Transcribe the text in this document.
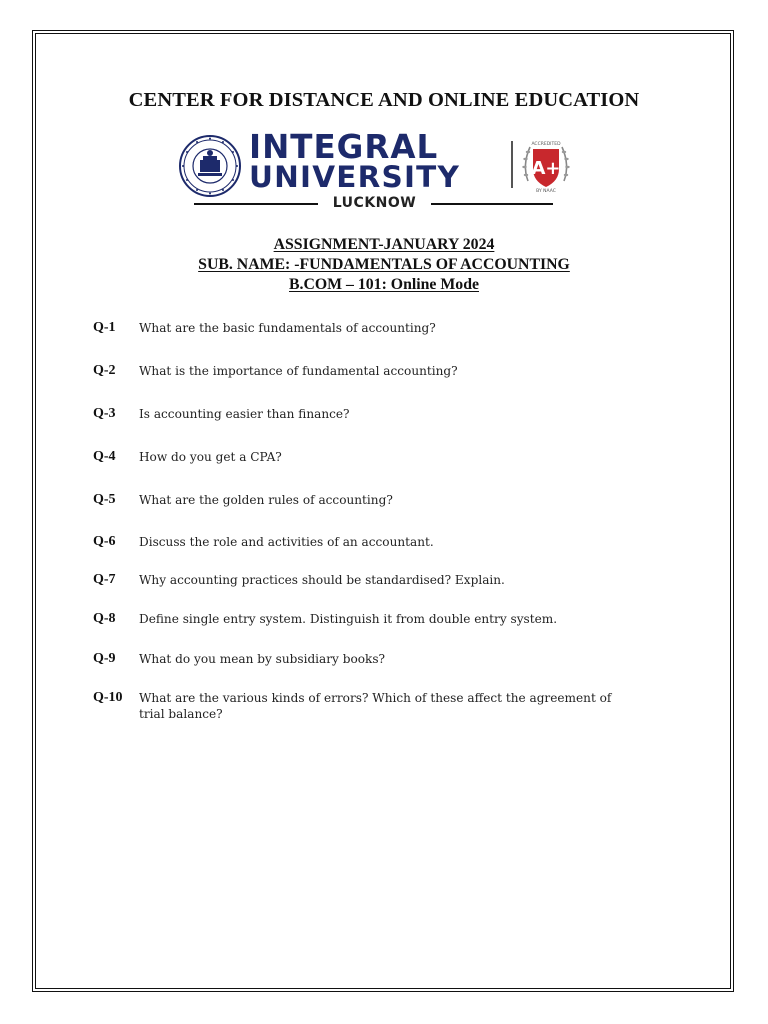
CENTER FOR DISTANCE AND ONLINE EDUCATION
INTEGRAL
UNIVERSITY	A+
ACCREDITED
BY NAAC
LUCKNOW
ASSIGNMENT-JANUARY 2024
SUB. NAME: -FUNDAMENTALS OF ACCOUNTING
B.COM – 101: Online Mode
Q-1 What are the basic fundamentals of accounting?
Q-2 What is the importance of fundamental accounting?
Q-3 Is accounting easier than finance?
Q-4 How do you get a CPA?
Q-5 What are the golden rules of accounting?
Q-6 Discuss the role and activities of an accountant.
Q-7 Why accounting practices should be standardised? Explain.
Q-8 Define single entry system. Distinguish it from double entry system.
Q-9 What do you mean by subsidiary books?
Q-10 What are the various kinds of errors? Which of these affect the agreement of trial balance?
